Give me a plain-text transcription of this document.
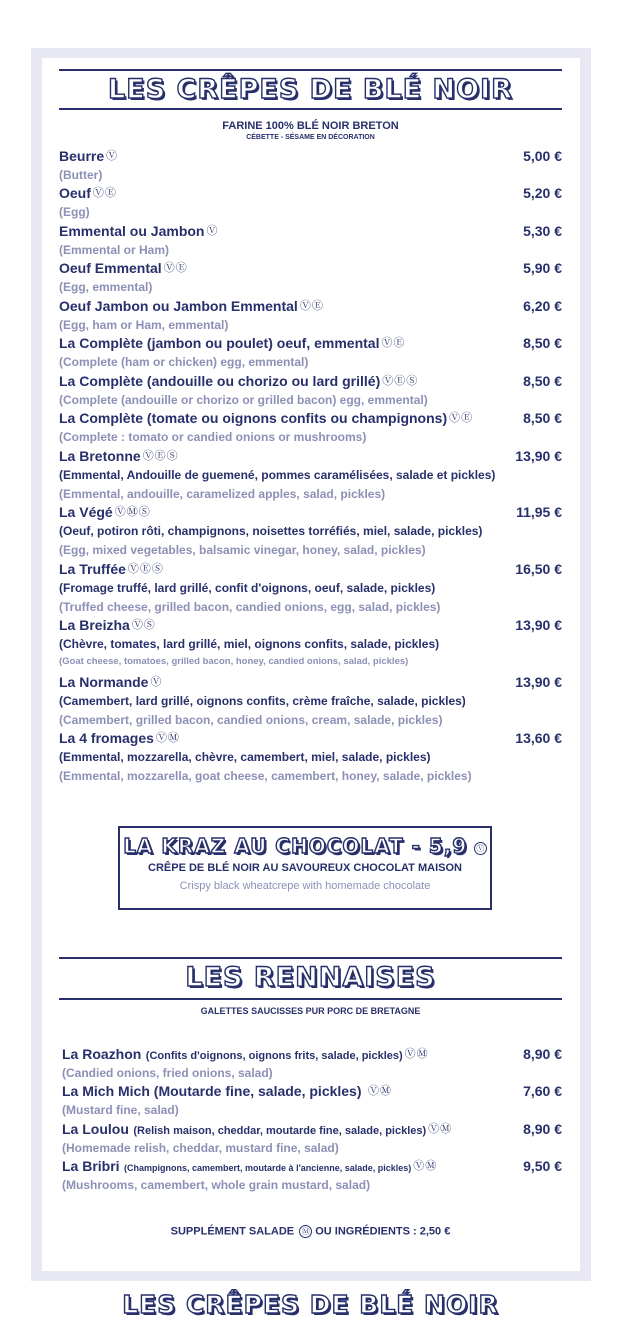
LES CRÊPES DE BLÉ NOIR
FARINE 100% BLÉ NOIR BRETON
CÉBETTE - SÉSAME EN DÉCORATION
Beurre Ⓥ	5,00 €
(Butter)
Oeuf ⓋⒺ	5,20 €
(Egg)
Emmental ou Jambon Ⓥ	5,30 €
(Emmental or Ham)
Oeuf Emmental ⓋⒺ	5,90 €
(Egg, emmental)
Oeuf Jambon ou Jambon Emmental ⓋⒺ	6,20 €
(Egg, ham or Ham, emmental)
La Complète (jambon ou poulet) oeuf, emmental ⓋⒺ	8,50 €
(Complete (ham or chicken) egg, emmental)
La Complète (andouille ou chorizo ou lard grillé) ⓋⒺⓈ	8,50 €
(Complete (andouille or chorizo or grilled bacon) egg, emmental)
La Complète (tomate ou oignons confits ou champignons) ⓋⒺ	8,50 €
(Complete : tomato or candied onions or mushrooms)
La Bretonne ⓋⒺⓈ	13,90 €
(Emmental, Andouille de guemené, pommes caramélisées, salade et pickles)
(Emmental, andouille, caramelized apples, salad, pickles)
La Végé ⓋⓂⓈ	11,95 €
(Oeuf, potiron rôti, champignons, noisettes torréfiés, miel, salade, pickles)
(Egg, mixed vegetables, balsamic vinegar, honey, salad, pickles)
La Truffée ⓋⒺⓈ	16,50 €
(Fromage truffé, lard grillé, confit d'oignons, oeuf, salade, pickles)
(Truffed cheese, grilled bacon, candied onions, egg, salad, pickles)
La Breizha ⓋⓈ	13,90 €
(Chèvre, tomates, lard grillé, miel, oignons confits, salade, pickles)
(Goat cheese, tomatoes, grilled bacon, honey, candied onions, salad, pickles)
La Normande Ⓥ	13,90 €
(Camembert, lard grillé, oignons confits, crème fraîche, salade, pickles)
(Camembert, grilled bacon, candied onions, cream, salade, pickles)
La 4 fromages ⓋⓂ	13,60 €
(Emmental, mozzarella, chèvre, camembert, miel, salade, pickles)
(Emmental, mozzarella, goat cheese, camembert, honey, salade, pickles)
LA KRAZ AU CHOCOLAT - 5,9 Ⓥ
CRÊPE DE BLÉ NOIR AU SAVOUREUX CHOCOLAT MAISON
Crispy black wheatcrepe with homemade chocolate
LES RENNAISES
GALETTES SAUCISSES PUR PORC DE BRETAGNE
La Roazhon (Confits d'oignons, oignons frits, salade, pickles) ⓋⓂ	8,90 €
(Candied onions, fried onions, salad)
La Mich Mich (Moutarde fine, salade, pickles) ⓋⓂ	7,60 €
(Mustard fine, salad)
La Loulou (Relish maison, cheddar, moutarde fine, salade, pickles) ⓋⓂ	8,90 €
(Homemade relish, cheddar, mustard fine, salad)
La Bribri (Champignons, camembert, moutarde à l'ancienne, salade, pickles) ⓋⓂ	9,50 €
(Mushrooms, camembert, whole grain mustard, salad)
SUPPLÉMENT SALADE Ⓜ OU INGRÉDIENTS : 2,50 €
LES CRÊPES DE BLÉ NOIR
